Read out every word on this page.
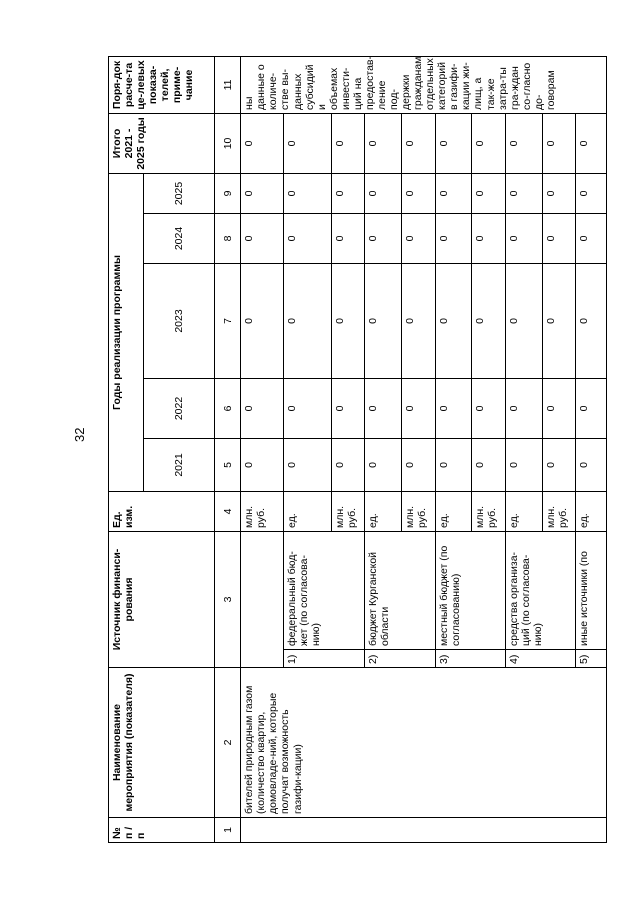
32
№ п / п	Наименование мероприятия (показателя)	Источник финанси-рования		Ед. изм.	Годы реализации программы					Итого 2021 - 2025 годы	Поря-док расче-та це-левых показа-телей, приме-чание
					2021	2022	2023	2024	2025		
1	2	3		4	5	6	7	8	9	10	11
	бителей природным газом (количество квартир, домовладе-ний, которые получат возможность газифи-кации)			млн. руб.	0	0	0	0	0	0	ны данные о количе-стве вы-данных субсидий и объемах инвести-ций на предостав-ление под-держки гражданам отдельных категорий в газифи-кации жи-лищ, а так-же затра-ты гра-ждан со-гласно до-говорам
		1)	федеральный бюд-жет (по согласова-нию)	ед.	0	0	0	0	0	0	
				млн. руб.	0	0	0	0	0	0	
		2)	бюджет Курганской области	ед.	0	0	0	0	0	0	
				млн. руб.	0	0	0	0	0	0	
		3)	местный бюджет (по согласованию)	ед.	0	0	0	0	0	0	
				млн. руб.	0	0	0	0	0	0	
		4)	средства организа-ций (по согласова-нию)	ед.	0	0	0	0	0	0	
				млн. руб.	0	0	0	0	0	0	
		5)	иные источники (по	ед.	0	0	0	0	0	0	
